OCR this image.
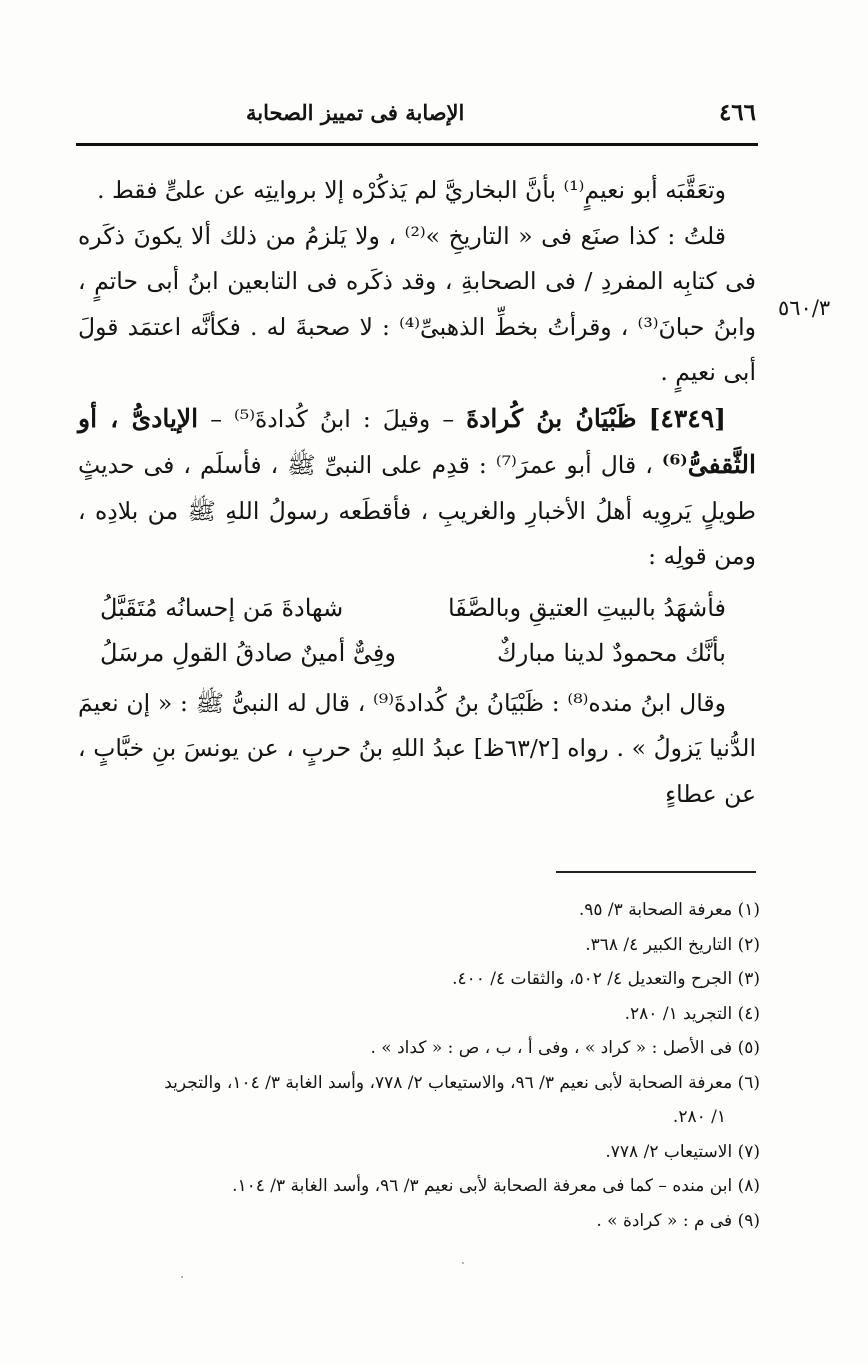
٤٦٦
الإصابة فى تمييز الصحابة
٥٦٠/٣

وتعَقَّبَه أبو نعيمٍ⁽¹⁾ بأنَّ البخاريَّ لم يَذكُرْه إلا بروايتِه عن علىٍّ فقط .

قلتُ : كذا صنَع فى « التاريخِ »⁽²⁾ ، ولا يَلزمُ من ذلك ألا يكونَ ذكَره فى كتابِه المفردِ / فى الصحابةِ ، وقد ذكَره فى التابعين ابنُ أبى حاتمٍ ، وابنُ حبانَ⁽³⁾ ، وقرأتُ بخطِّ الذهبىِّ⁽⁴⁾ : لا صحبةَ له . فكأنَّه اعتمَد قولَ أبى نعيمٍ .

[٤٣٤٩] ظَبْيَانُ بنُ كُرادةَ – وقيلَ : ابنُ كُدادةَ⁽⁵⁾ – الإيادىُّ ، أو الثَّقفىُّ⁽⁶⁾ ، قال أبو عمرَ⁽⁷⁾ : قدِم على النبىِّ ﷺ ، فأسلَم ، فى حديثٍ طويلٍ يَروِيه أهلُ الأخبارِ والغريبِ ، فأقطَعه رسولُ اللهِ ﷺ من بلادِه ، ومن قولِه :

فأشهَدُ بالبيتِ العتيقِ وبالصَّفَا
شهادةَ مَن إحسانُه مُتَقَبَّلُ
بأنَّك محمودٌ لدينا مباركٌ
وفِىٌّ أمينٌ صادقُ القولِ مرسَلُ

وقال ابنُ منده⁽⁸⁾ : ظَبْيَانُ بنُ كُدادةَ⁽⁹⁾ ، قال له النبىُّ ﷺ : « إن نعيمَ الدُّنيا يَزولُ » . رواه [٦٣/٢ظ] عبدُ اللهِ بنُ حربٍ ، عن يونسَ بنِ خبَّابٍ ، عن عطاءٍ

(١) معرفة الصحابة ٣/ ٩٥.
(٢) التاريخ الكبير ٤/ ٣٦٨.
(٣) الجرح والتعديل ٤/ ٥٠٢، والثقات ٤/ ٤٠٠.
(٤) التجريد ١/ ٢٨٠.
(٥) فى الأصل : « كراد » ، وفى أ ، ب ، ص : « كداد » .
(٦) معرفة الصحابة لأبى نعيم ٣/ ٩٦، والاستيعاب ٢/ ٧٧٨، وأسد الغابة ٣/ ١٠٤، والتجريد
١/ ٢٨٠.
(٧) الاستيعاب ٢/ ٧٧٨.
(٨) ابن منده – كما فى معرفة الصحابة لأبى نعيم ٣/ ٩٦، وأسد الغابة ٣/ ١٠٤.
(٩) فى م : « كرادة » .
